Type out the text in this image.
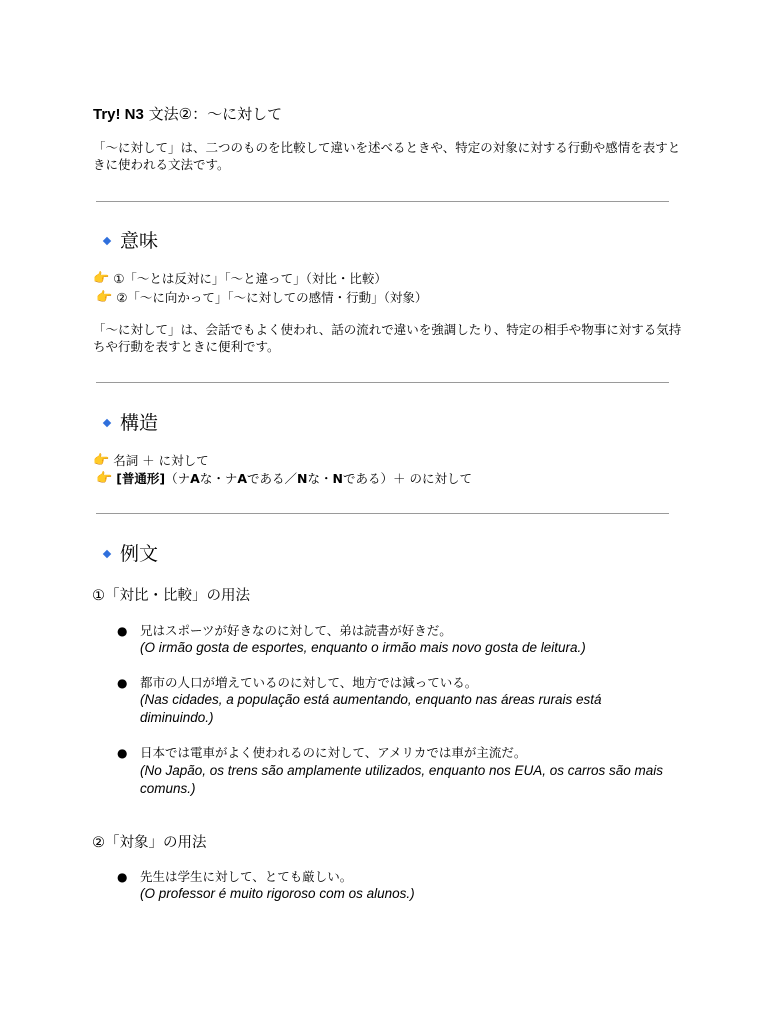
Try! N3 文法②：〜に対して
「〜に対して」は、二つのものを比較して違いを述べるときや、特定の対象に対する行動や感情を表すときに使われる文法です。
意味
👉 ①「〜とは反対に」「〜と違って」（対比・比較）
👉 ②「〜に向かって」「〜に対しての感情・行動」（対象）
「〜に対して」は、会話でもよく使われ、話の流れで違いを強調したり、特定の相手や物事に対する気持ちや行動を表すときに便利です。
構造
👉 名詞 ＋ に対して
👉 [普通形]（ナAな・ナAである／Nな・Nである）＋ のに対して
例文
①「対比・比較」の用法
● 兄はスポーツが好きなのに対して、弟は読書が好きだ。
(O irmão gosta de esportes, enquanto o irmão mais novo gosta de leitura.)
● 都市の人口が増えているのに対して、地方では減っている。
(Nas cidades, a população está aumentando, enquanto nas áreas rurais está diminuindo.)
● 日本では電車がよく使われるのに対して、アメリカでは車が主流だ。
(No Japão, os trens são amplamente utilizados, enquanto nos EUA, os carros são mais comuns.)
②「対象」の用法
● 先生は学生に対して、とても厳しい。
(O professor é muito rigoroso com os alunos.)
